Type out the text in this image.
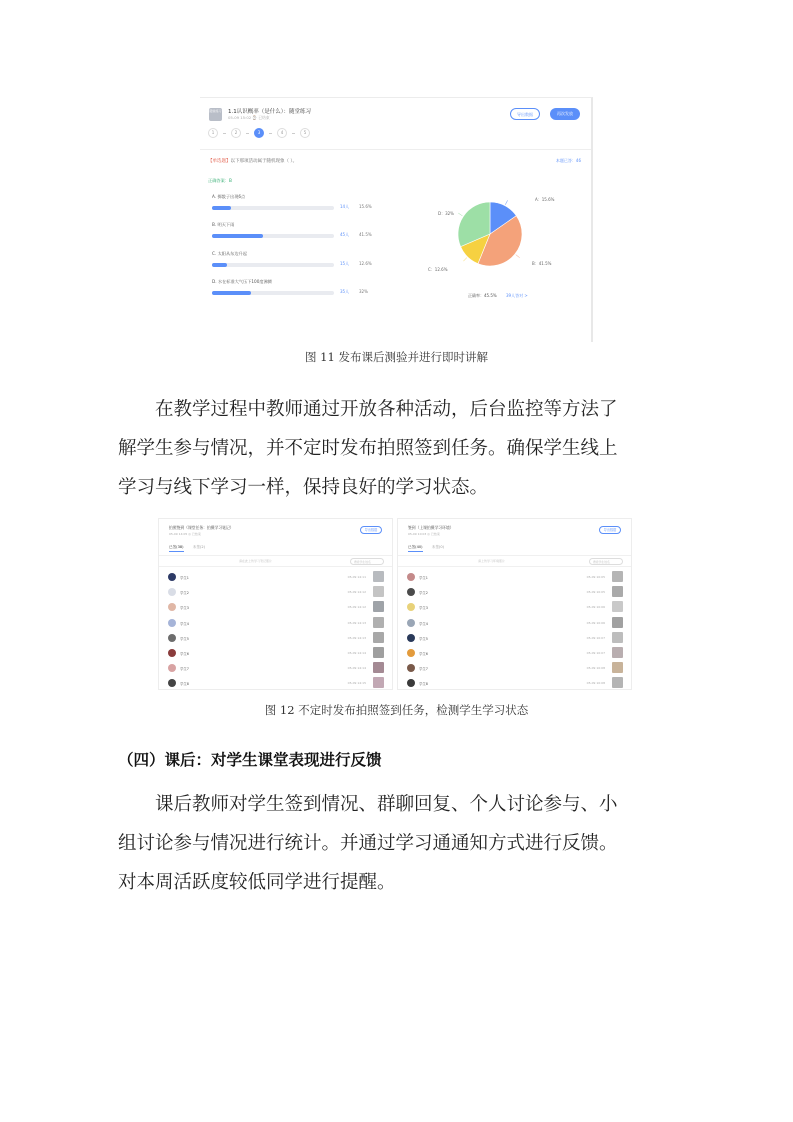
随堂练习 1.1认识概率（是什么）：随堂练习
05-09 15:02 ⌚ 已结束
导出数据	再次发放
1	2	3	4	5
【单选题】以下那项活动属于随机现象（ ）。	本题已答：46
正确答案：B
A. 掷骰子出现6点
14人 15.6%
B. 明天下雨
45人 41.5%
C. 太阳从东边升起
15人 12.6%
D. 水在标准大气压下100度沸腾
35人 32%
A：15.6%
B：41.5%
C：12.6%
D：32%
正确率：45.5% 39人答对 >
图 11 发布课后测验并进行即时讲解
在教学过程中教师通过开放各种活动，后台监控等方法了
解学生参与情况，并不定时发布拍照签到任务。确保学生线上
学习与线下学习一样，保持良好的学习状态。
拍照签到（课堂任务：拍摄学习笔记）
05-09 14:05 ◎ 已结束
导出数据
已签(38)	未签(2)
请在此上传学习笔记照片	搜索学生姓名
学生1	05-09 14:11
学生2	05-09 14:12
学生3	05-09 14:12
学生4	05-09 14:13
学生5	05-09 14:13
学生6	05-09 14:14
学生7	05-09 14:14
学生8	05-09 14:15
签到（上课拍摄学习环境）
05-09 10:03 ◎ 已结束
导出数据
已签(40)	未签(0)
请上传学习环境照片	搜索学生姓名
学生1	05-09 10:05
学生2	05-09 10:05
学生3	05-09 10:06
学生4	05-09 10:06
学生5	05-09 10:07
学生6	05-09 10:07
学生7	05-09 10:08
学生8	05-09 10:08
图 12 不定时发布拍照签到任务，检测学生学习状态
（四）课后：对学生课堂表现进行反馈
课后教师对学生签到情况、群聊回复、个人讨论参与、小
组讨论参与情况进行统计。并通过学习通通知方式进行反馈。
对本周活跃度较低同学进行提醒。
